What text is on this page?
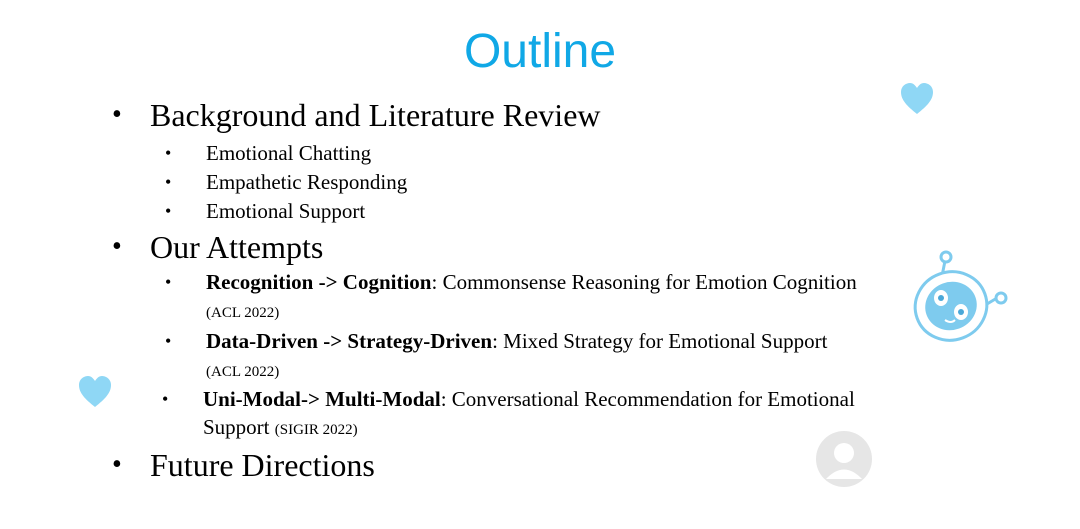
Outline
• Background and Literature Review
• Emotional Chatting
• Empathetic Responding
• Emotional Support
• Our Attempts
• Recognition -> Cognition: Commonsense Reasoning for Emotion Cognition (ACL 2022)
• Data-Driven -> Strategy-Driven: Mixed Strategy for Emotional Support (ACL 2022)
• Uni-Modal-> Multi-Modal: Conversational Recommendation for Emotional Support (SIGIR 2022)
• Future Directions
